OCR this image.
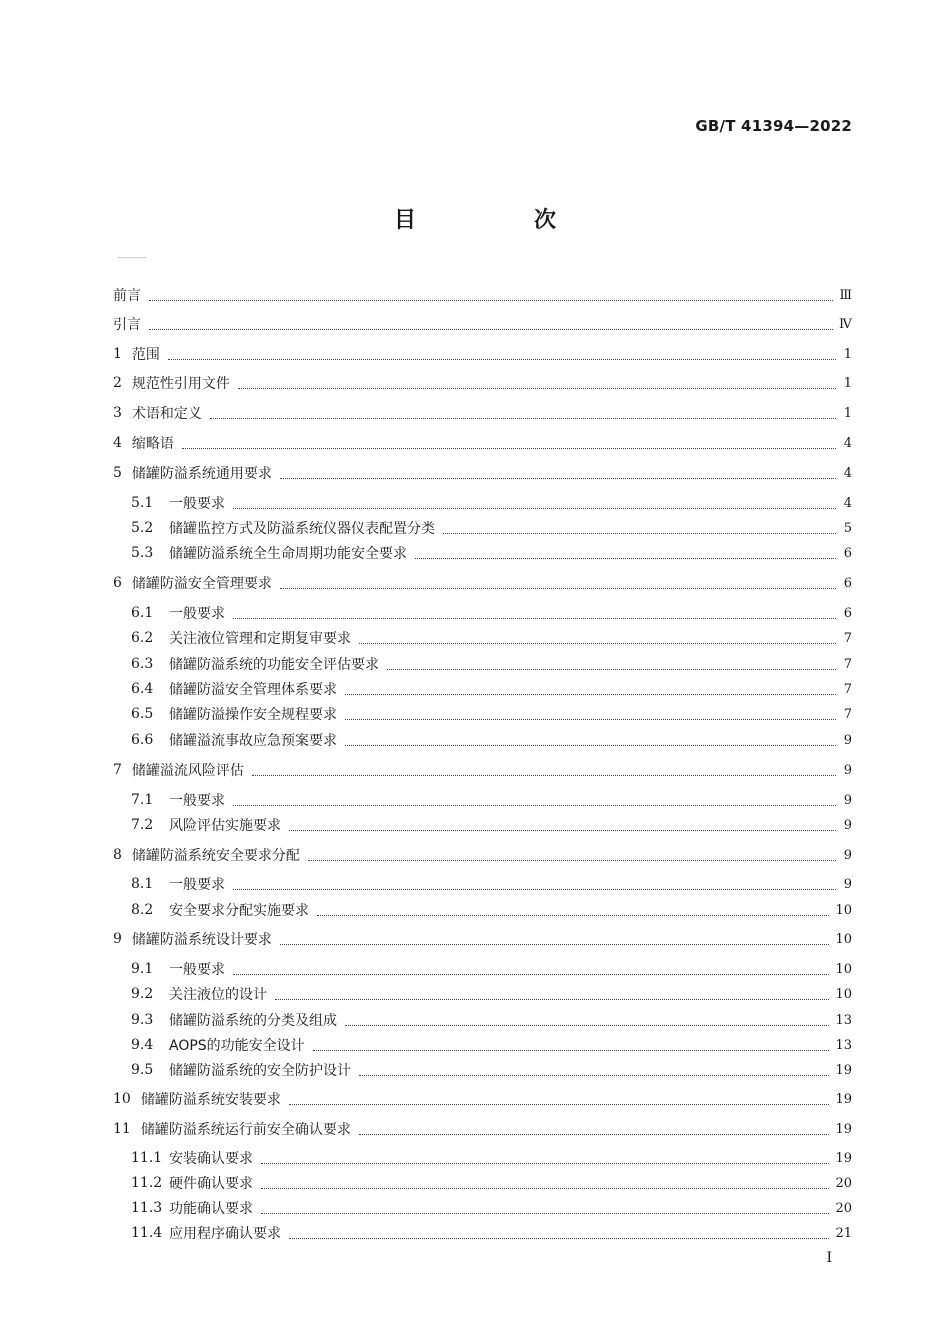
GB/T 41394—2022
目　次
前言	Ⅲ
引言	Ⅳ
1 范围	1
2 规范性引用文件	1
3 术语和定义	1
4 缩略语	4
5 储罐防溢系统通用要求	4
5.1	一般要求	4
5.2	储罐监控方式及防溢系统仪器仪表配置分类	5
5.3	储罐防溢系统全生命周期功能安全要求	6
6 储罐防溢安全管理要求	6
6.1	一般要求	6
6.2	关注液位管理和定期复审要求	7
6.3	储罐防溢系统的功能安全评估要求	7
6.4	储罐防溢安全管理体系要求	7
6.5	储罐防溢操作安全规程要求	7
6.6	储罐溢流事故应急预案要求	9
7 储罐溢流风险评估	9
7.1	一般要求	9
7.2	风险评估实施要求	9
8 储罐防溢系统安全要求分配	9
8.1	一般要求	9
8.2	安全要求分配实施要求	10
9 储罐防溢系统设计要求	10
9.1	一般要求	10
9.2	关注液位的设计	10
9.3	储罐防溢系统的分类及组成	13
9.4	AOPS的功能安全设计	13
9.5	储罐防溢系统的安全防护设计	19
10 储罐防溢系统安装要求	19
11 储罐防溢系统运行前安全确认要求	19
11.1 安装确认要求	19
11.2 硬件确认要求	20
11.3 功能确认要求	20
11.4 应用程序确认要求	21
I
